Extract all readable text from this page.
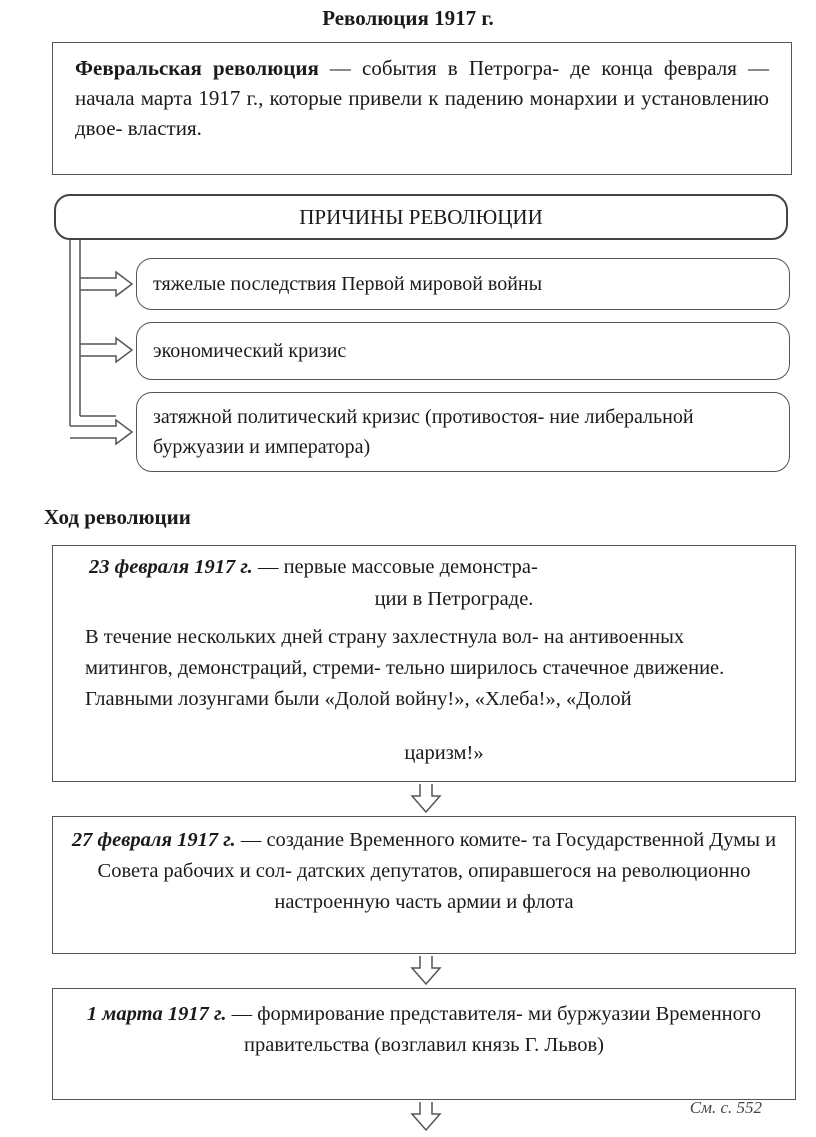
Революция 1917 г.
Февральская революция — события в Петрогра- де конца февраля — начала марта 1917 г., которые привели к падению монархии и установлению двое- властия.
ПРИЧИНЫ РЕВОЛЮЦИИ
тяжелые последствия Первой мировой войны
экономический кризис
затяжной политический кризис (противостоя- ние либеральной буржуазии и императора)
Ход революции
23 февраля 1917 г. — первые массовые демонстра-
ции в Петрограде.
В течение нескольких дней страну захлестнула вол- на антивоенных митингов, демонстраций, стреми- тельно ширилось стачечное движение. Главными лозунгами были «Долой войну!», «Хлеба!», «Долой
царизм!»
27 февраля 1917 г. — создание Временного комите- та Государственной Думы и Совета рабочих и сол- датских депутатов, опиравшегося на революционно настроенную часть армии и флота
1 марта 1917 г. — формирование представителя- ми буржуазии Временного правительства (возглавил князь Г. Львов)
См. с. 552
